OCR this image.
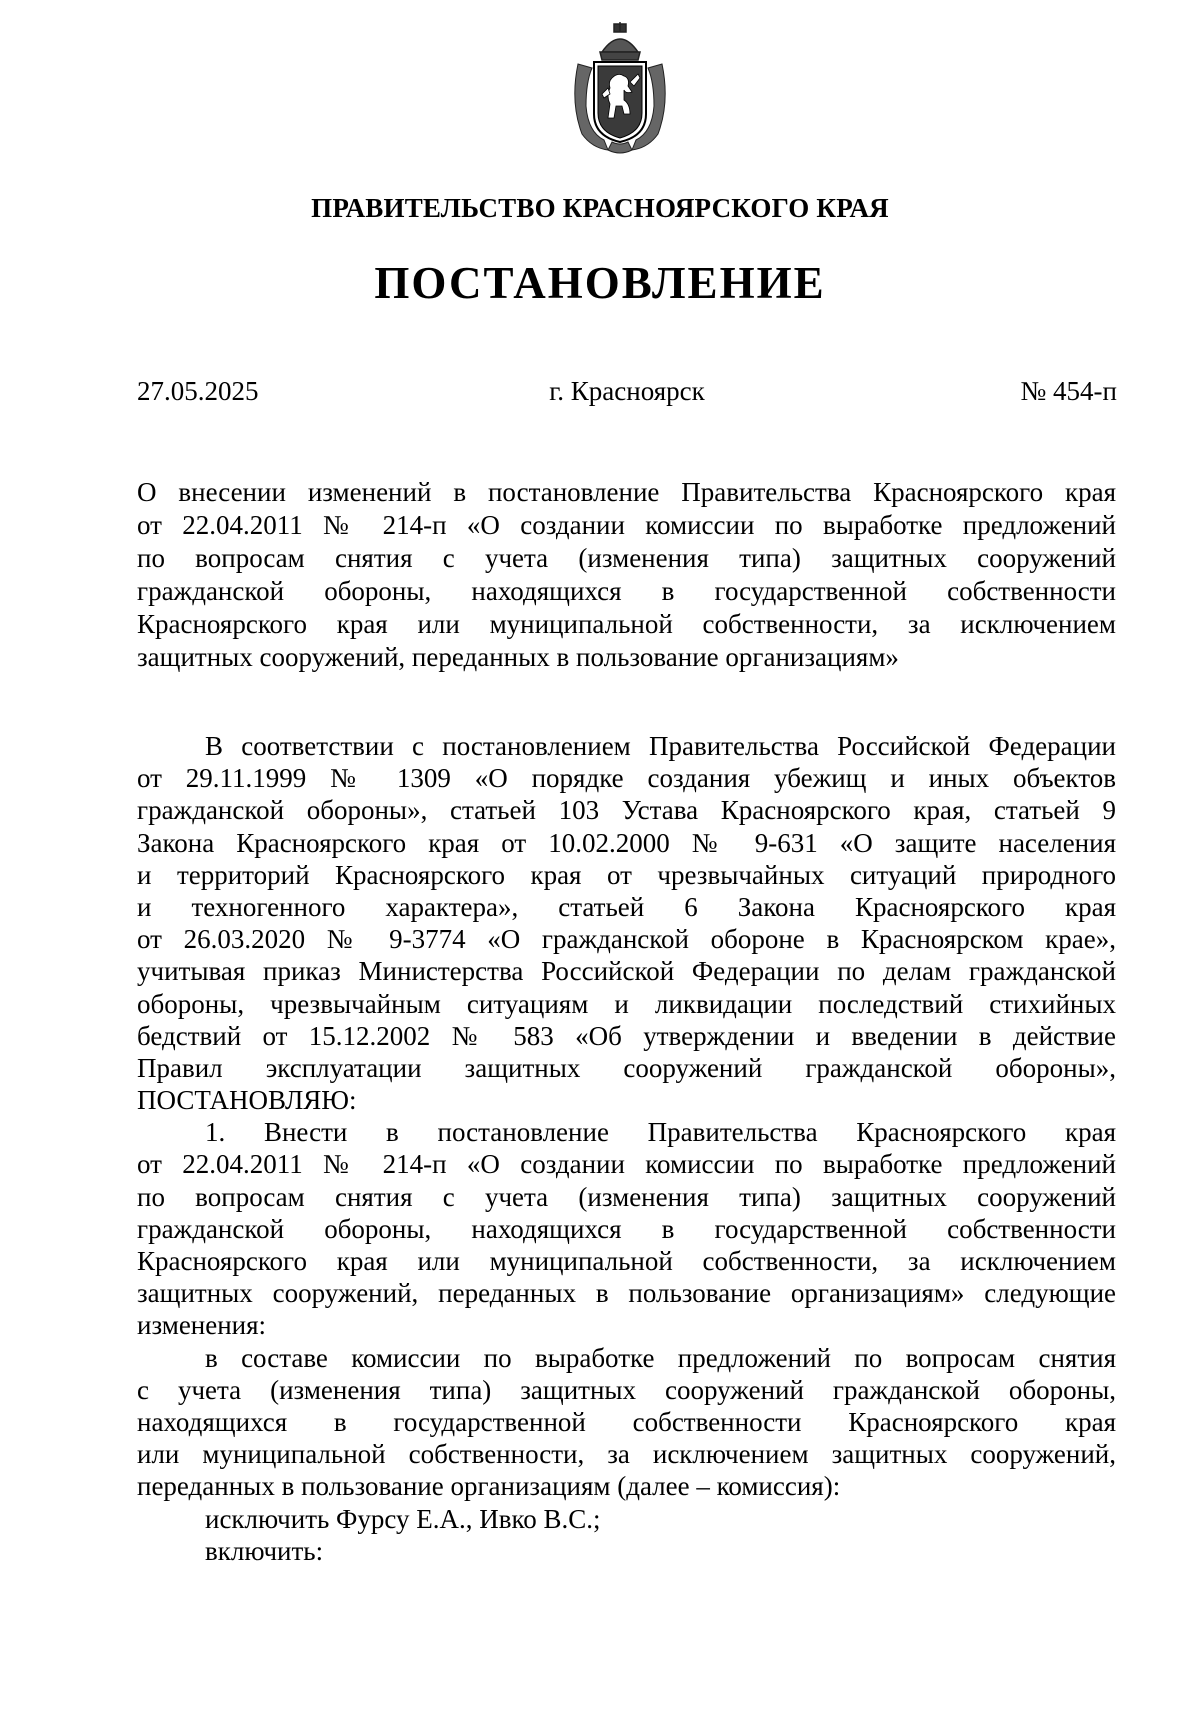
ПРАВИТЕЛЬСТВО КРАСНОЯРСКОГО КРАЯ
ПОСТАНОВЛЕНИЕ
27.05.2025	г. Красноярск	№ 454-п
О внесении изменений в постановление Правительства Красноярского края
от 22.04.2011 № 214-п «О создании комиссии по выработке предложений
по вопросам снятия с учета (изменения типа) защитных сооружений
гражданской обороны, находящихся в государственной собственности
Красноярского края или муниципальной собственности, за исключением
защитных сооружений, переданных в пользование организациям»
В соответствии с постановлением Правительства Российской Федерации
от 29.11.1999 № 1309 «О порядке создания убежищ и иных объектов
гражданской обороны», статьей 103 Устава Красноярского края, статьей 9
Закона Красноярского края от 10.02.2000 № 9-631 «О защите населения
и территорий Красноярского края от чрезвычайных ситуаций природного
и техногенного характера», статьей 6 Закона Красноярского края
от 26.03.2020 № 9-3774 «О гражданской обороне в Красноярском крае»,
учитывая приказ Министерства Российской Федерации по делам гражданской
обороны, чрезвычайным ситуациям и ликвидации последствий стихийных
бедствий от 15.12.2002 № 583 «Об утверждении и введении в действие
Правил эксплуатации защитных сооружений гражданской обороны»,
ПОСТАНОВЛЯЮ:
1. Внести в постановление Правительства Красноярского края
от 22.04.2011 № 214-п «О создании комиссии по выработке предложений
по вопросам снятия с учета (изменения типа) защитных сооружений
гражданской обороны, находящихся в государственной собственности
Красноярского края или муниципальной собственности, за исключением
защитных сооружений, переданных в пользование организациям» следующие
изменения:
в составе комиссии по выработке предложений по вопросам снятия
с учета (изменения типа) защитных сооружений гражданской обороны,
находящихся в государственной собственности Красноярского края
или муниципальной собственности, за исключением защитных сооружений,
переданных в пользование организациям (далее – комиссия):
исключить Фурсу Е.А., Ивко В.С.;
включить:
